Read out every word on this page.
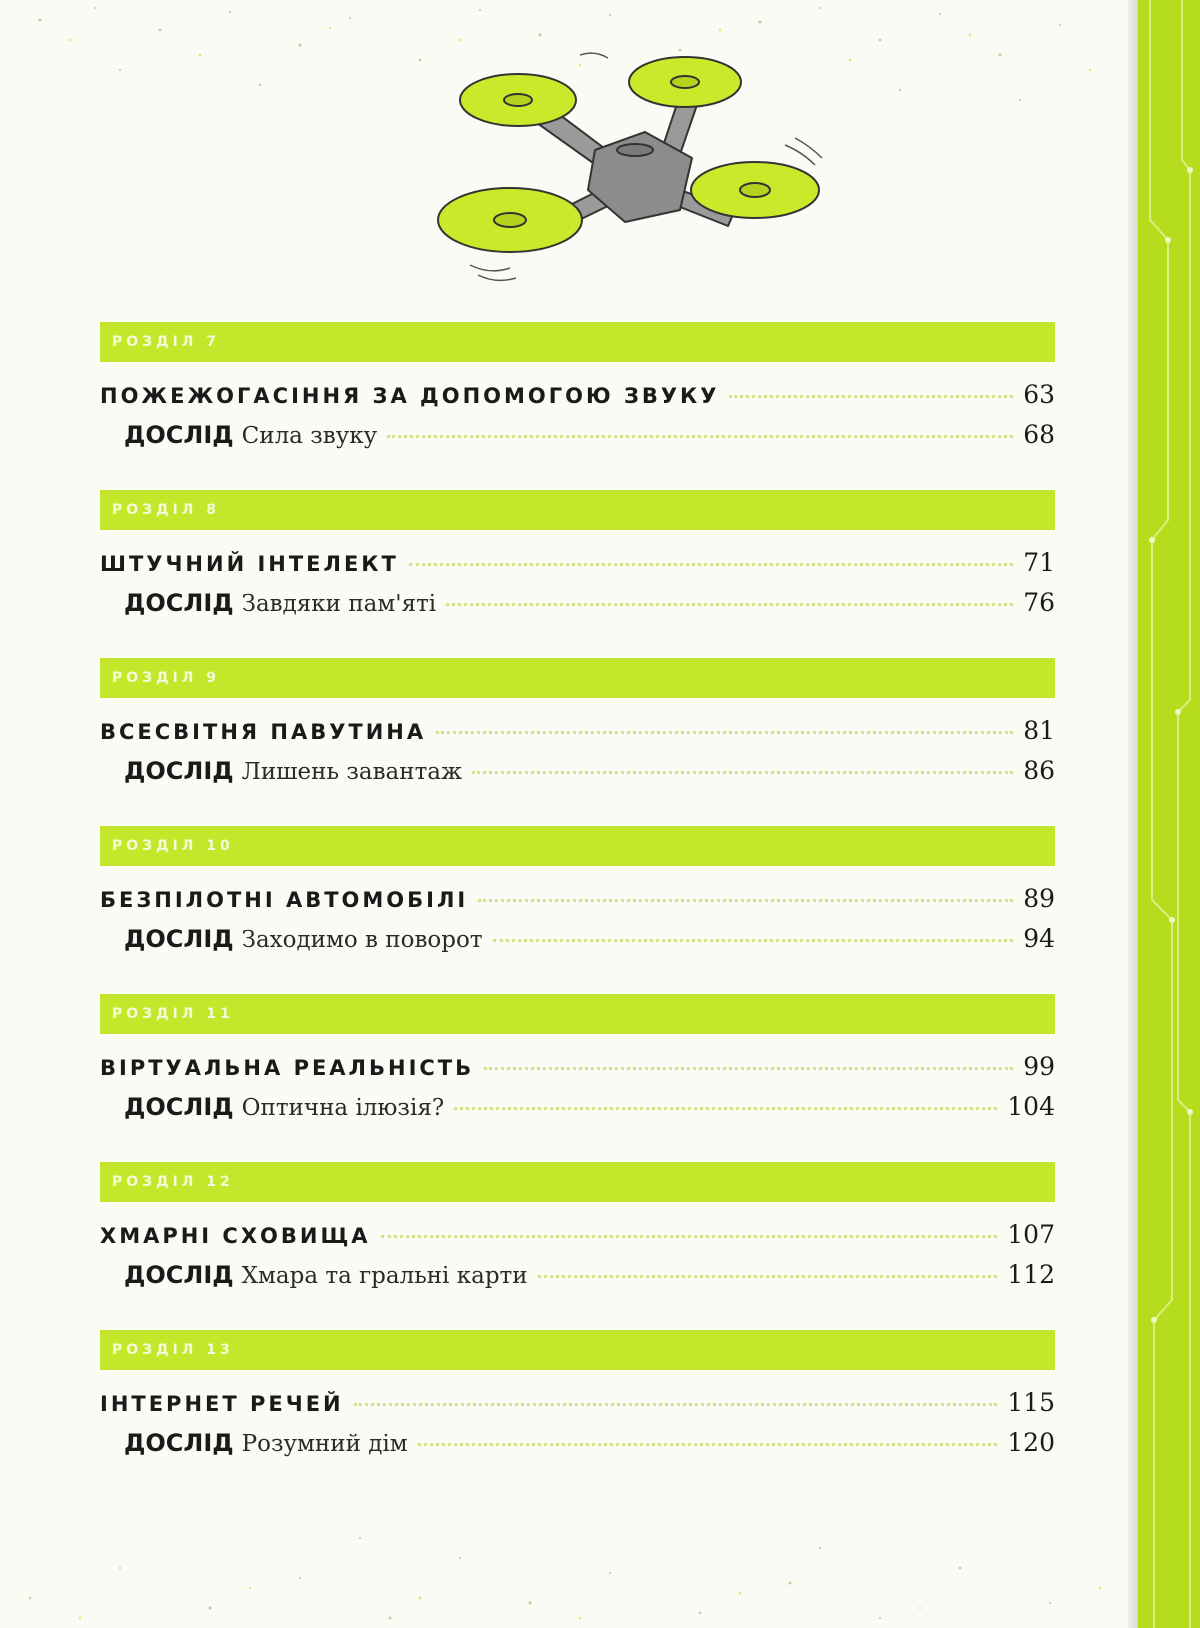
РОЗДІЛ 7
ПОЖЕЖОГАСІННЯ ЗА ДОПОМОГОЮ ЗВУКУ	63
ДОСЛІД Сила звуку	68
РОЗДІЛ 8
ШТУЧНИЙ ІНТЕЛЕКТ	71
ДОСЛІД Завдяки пам'яті	76
РОЗДІЛ 9
ВСЕСВІТНЯ ПАВУТИНА	81
ДОСЛІД Лишень завантаж	86
РОЗДІЛ 10
БЕЗПІЛОТНІ АВТОМОБІЛІ	89
ДОСЛІД Заходимо в поворот	94
РОЗДІЛ 11
ВІРТУАЛЬНА РЕАЛЬНІСТЬ	99
ДОСЛІД Оптична ілюзія?	104
РОЗДІЛ 12
ХМАРНІ СХОВИЩА	107
ДОСЛІД Хмара та гральні карти	112
РОЗДІЛ 13
ІНТЕРНЕТ РЕЧЕЙ	115
ДОСЛІД Розумний дім	120
